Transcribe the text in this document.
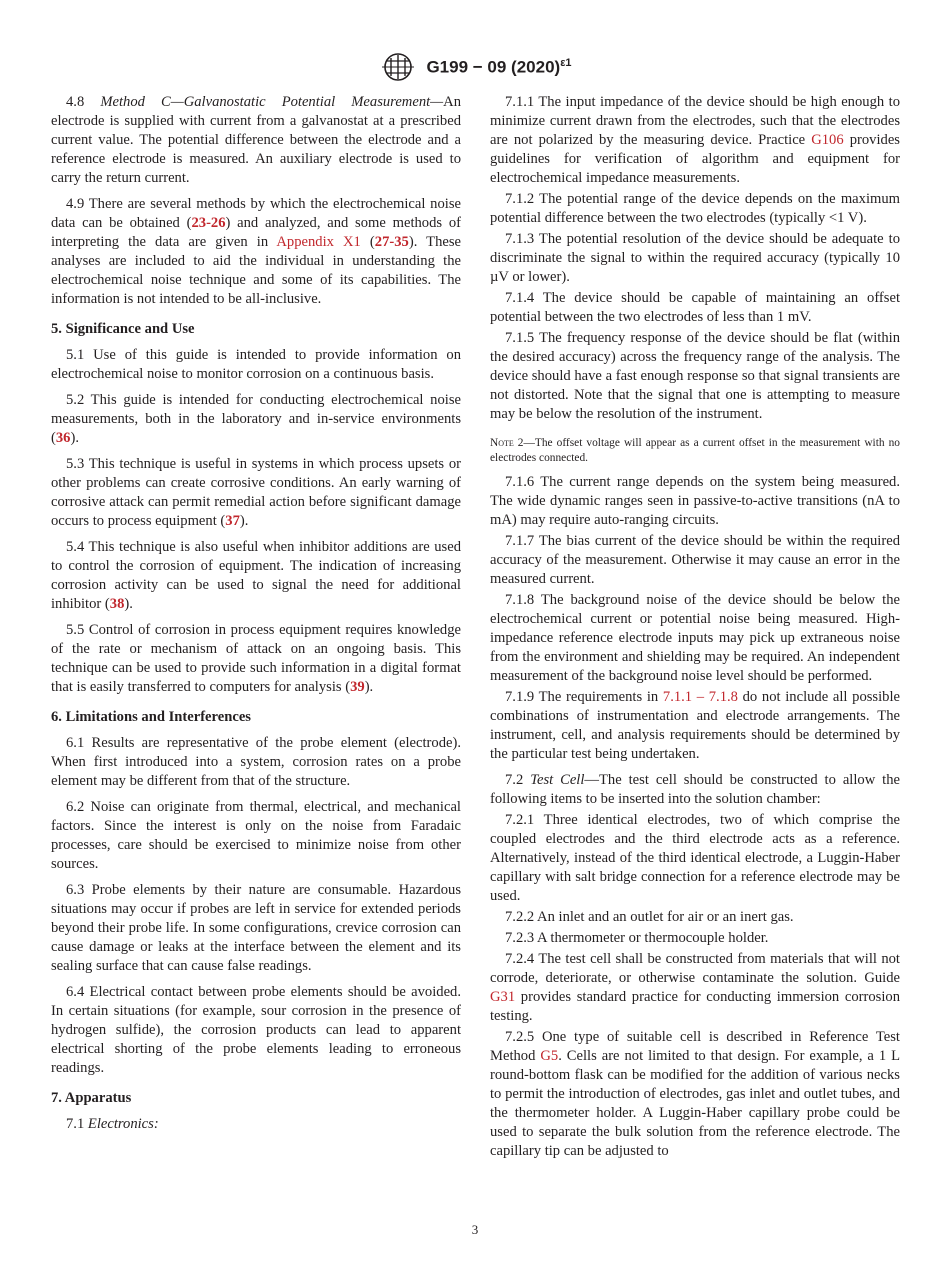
G199 − 09 $(2020)^{\varepsilon 1}$

4.8 Method C—Galvanostatic Potential Measurement—An electrode is supplied with current from a galvanostat at a prescribed current value. The potential difference between the electrode and a reference electrode is measured. An auxiliary electrode is used to carry the return current.

4.9 There are several methods by which the electrochemical noise data can be obtained (23-26) and analyzed, and some methods of interpreting the data are given in Appendix X1 (27-35). These analyses are included to aid the individual in understanding the electrochemical noise technique and some of its capabilities. The information is not intended to be all-inclusive.

5. Significance and Use

5.1 Use of this guide is intended to provide information on electrochemical noise to monitor corrosion on a continuous basis.

5.2 This guide is intended for conducting electrochemical noise measurements, both in the laboratory and in-service environments (36).

5.3 This technique is useful in systems in which process upsets or other problems can create corrosive conditions. An early warning of corrosive attack can permit remedial action before significant damage occurs to process equipment (37).

5.4 This technique is also useful when inhibitor additions are used to control the corrosion of equipment. The indication of increasing corrosion activity can be used to signal the need for additional inhibitor (38).

5.5 Control of corrosion in process equipment requires knowledge of the rate or mechanism of attack on an ongoing basis. This technique can be used to provide such information in a digital format that is easily transferred to computers for analysis (39).

6. Limitations and Interferences

6.1 Results are representative of the probe element (electrode). When first introduced into a system, corrosion rates on a probe element may be different from that of the structure.

6.2 Noise can originate from thermal, electrical, and mechanical factors. Since the interest is only on the noise from Faradaic processes, care should be exercised to minimize noise from other sources.

6.3 Probe elements by their nature are consumable. Hazardous situations may occur if probes are left in service for extended periods beyond their probe life. In some configurations, crevice corrosion can cause damage or leaks at the interface between the element and its sealing surface that can cause false readings.

6.4 Electrical contact between probe elements should be avoided. In certain situations (for example, sour corrosion in the presence of hydrogen sulfide), the corrosion products can lead to apparent electrical shorting of the probe elements leading to erroneous readings.

7. Apparatus

7.1 Electronics:

7.1.1 The input impedance of the device should be high enough to minimize current drawn from the electrodes, such that the electrodes are not polarized by the measuring device. Practice G106 provides guidelines for verification of algorithm and equipment for electrochemical impedance measurements.

7.1.2 The potential range of the device depends on the maximum potential difference between the two electrodes (typically <1 V).

7.1.3 The potential resolution of the device should be adequate to discriminate the signal to within the required accuracy (typically 10 µV or lower).

7.1.4 The device should be capable of maintaining an offset potential between the two electrodes of less than 1 mV.

7.1.5 The frequency response of the device should be flat (within the desired accuracy) across the frequency range of the analysis. The device should have a fast enough response so that signal transients are not distorted. Note that the signal that one is attempting to measure may be below the resolution of the instrument.

Note 2—The offset voltage will appear as a current offset in the measurement with no electrodes connected.

7.1.6 The current range depends on the system being measured. The wide dynamic ranges seen in passive-to-active transitions (nA to mA) may require auto-ranging circuits.

7.1.7 The bias current of the device should be within the required accuracy of the measurement. Otherwise it may cause an error in the measured current.

7.1.8 The background noise of the device should be below the electrochemical current or potential noise being measured. High-impedance reference electrode inputs may pick up extraneous noise from the environment and shielding may be required. An independent measurement of the background noise level should be performed.

7.1.9 The requirements in 7.1.1 – 7.1.8 do not include all possible combinations of instrumentation and electrode arrangements. The instrument, cell, and analysis requirements should be determined by the particular test being undertaken.

7.2 Test Cell—The test cell should be constructed to allow the following items to be inserted into the solution chamber:

7.2.1 Three identical electrodes, two of which comprise the coupled electrodes and the third electrode acts as a reference. Alternatively, instead of the third identical electrode, a Luggin-Haber capillary with salt bridge connection for a reference electrode may be used.

7.2.2 An inlet and an outlet for air or an inert gas.

7.2.3 A thermometer or thermocouple holder.

7.2.4 The test cell shall be constructed from materials that will not corrode, deteriorate, or otherwise contaminate the solution. Guide G31 provides standard practice for conducting immersion corrosion testing.

7.2.5 One type of suitable cell is described in Reference Test Method G5. Cells are not limited to that design. For example, a 1 L round-bottom flask can be modified for the addition of various necks to permit the introduction of electrodes, gas inlet and outlet tubes, and the thermometer holder. A Luggin-Haber capillary probe could be used to separate the bulk solution from the reference electrode. The capillary tip can be adjusted to

3
